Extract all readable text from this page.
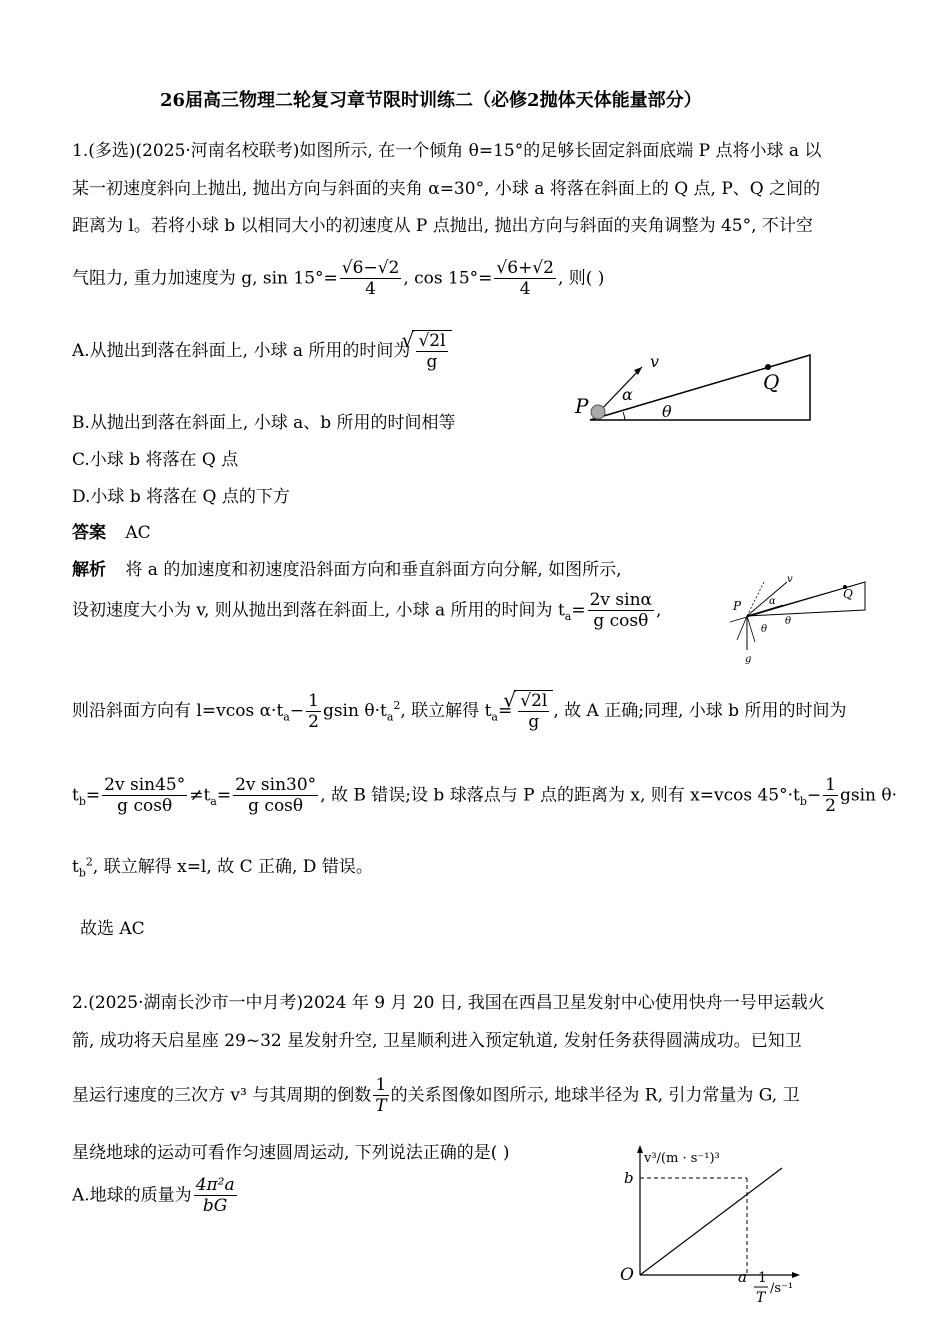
26届高三物理二轮复习章节限时训练二（必修2抛体天体能量部分）
1.(多选)(2025·河南名校联考)如图所示, 在一个倾角 θ=15°的足够长固定斜面底端 P 点将小球 a 以
某一初速度斜向上抛出, 抛出方向与斜面的夹角 α=30°, 小球 a 将落在斜面上的 Q 点, P、Q 之间的
距离为 l。若将小球 b 以相同大小的初速度从 P 点抛出, 抛出方向与斜面的夹角调整为 45°, 不计空
气阻力, 重力加速度为 g, $\sin 15^\circ= \frac{√6-√2}{4}$ , $\cos 15^\circ= \frac{√6+√2}{4}$ , 则( )
A.从抛出到落在斜面上, 小球 a 所用的时间为 √ $\frac{√2l}{g}$
B.从抛出到落在斜面上, 小球 a、b 所用的时间相等
C.小球 b 将落在 Q 点
D.小球 b 将落在 Q 点的下方
P
Q
v
α
θ
答案 AC
解析 将 a 的加速度和初速度沿斜面方向和垂直斜面方向分解, 如图所示,
设初速度大小为 v, 则从抛出到落在斜面上, 小球 a 所用的时间为 $t_a= \frac{\text{2v sinα}}{\text{g cosθ}}$ ,	P
Q
v
α
θ
θ
g
则沿斜面方向有 l=vcos $\alpha\cdot t_a- \frac{1}{2}$ gsin $\theta\cdot t_a^2$, 联立解得 $t_a=$ √ $\frac{√2l}{g}$ , 故 A 正确;同理, 小球 b 所用的时间为
$t_b= \frac{\text{2v sin45°}}{\text{g cosθ}} \ne t_a= \frac{\text{2v sin30°}}{\text{g cosθ}}$ , 故 B 错误;设 b 球落点与 P 点的距离为 x, 则有 x=vcos $45^\circ\cdot t_b- \frac{1}{2}$ gsin θ·
$t_b^2$, 联立解得 x=l, 故 C 正确, D 错误。
故选 AC
2.(2025·湖南长沙市一中月考)2024 年 9 月 20 日, 我国在西昌卫星发射中心使用快舟一号甲运载火
箭, 成功将天启星座 29~32 星发射升空, 卫星顺利进入预定轨道, 发射任务获得圆满成功。已知卫
星运行速度的三次方 v³ 与其周期的倒数 $\frac{1}{T}$ 的关系图像如图所示, 地球半径为 R, 引力常量为 G, 卫
星绕地球的运动可看作匀速圆周运动, 下列说法正确的是( )
A.地球的质量为 $\frac{\text{4π²a}}{bG}$
v³/(m · s⁻¹)³
b
O	a 1
T
/s⁻¹
